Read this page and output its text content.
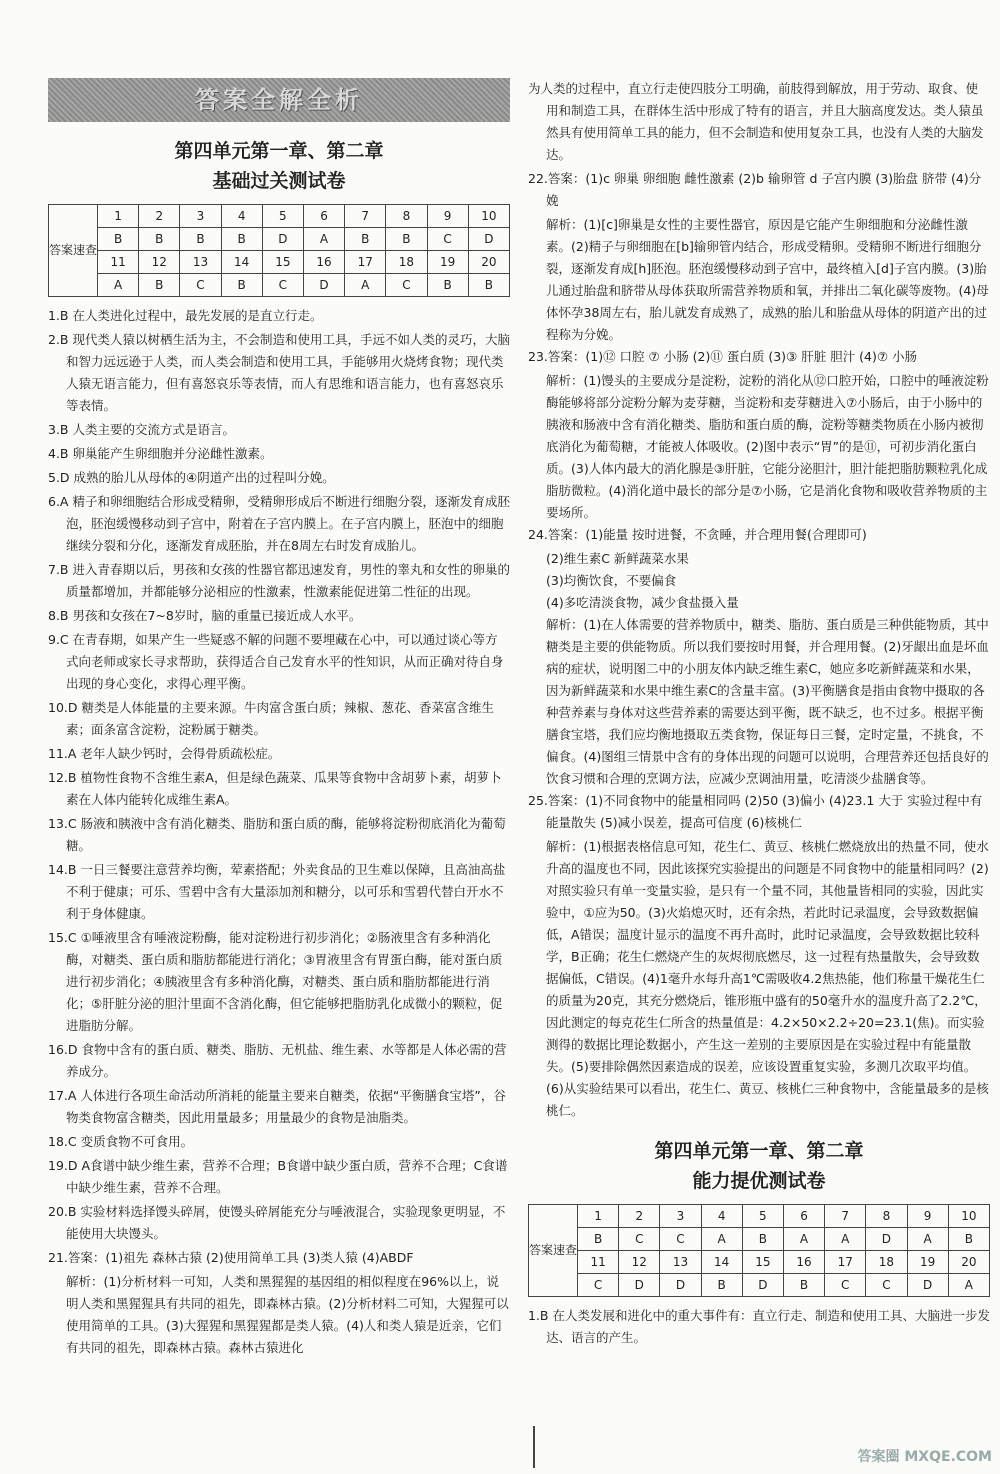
答案全解全析
第四单元第一章、第二章
基础过关测试卷
答案速查	1	2	3	4	5	6	7	8	9	10
	B	B	B	B	D	A	B	B	C	D
	11	12	13	14	15	16	17	18	19	20
	A	B	C	B	C	D	A	C	B	B
1.B 在人类进化过程中，最先发展的是直立行走。
2.B 现代类人猿以树栖生活为主，不会制造和使用工具，手远不如人类的灵巧，大脑和智力远远逊于人类，而人类会制造和使用工具，手能够用火烧烤食物；现代类人猿无语言能力，但有喜怒哀乐等表情，而人有思维和语言能力，也有喜怒哀乐等表情。
3.B 人类主要的交流方式是语言。
4.B 卵巢能产生卵细胞并分泌雌性激素。
5.D 成熟的胎儿从母体的④阴道产出的过程叫分娩。
6.A 精子和卵细胞结合形成受精卵，受精卵形成后不断进行细胞分裂，逐渐发育成胚泡，胚泡缓慢移动到子宫中，附着在子宫内膜上。在子宫内膜上，胚泡中的细胞继续分裂和分化，逐渐发育成胚胎，并在8周左右时发育成胎儿。
7.B 进入青春期以后，男孩和女孩的性器官都迅速发育，男性的睾丸和女性的卵巢的质量都增加，并都能够分泌相应的性激素，性激素能促进第二性征的出现。
8.B 男孩和女孩在7~8岁时，脑的重量已接近成人水平。
9.C 在青春期，如果产生一些疑惑不解的问题不要埋藏在心中，可以通过谈心等方式向老师或家长寻求帮助，获得适合自己发育水平的性知识，从而正确对待自身出现的身心变化，求得心理平衡。
10.D 糖类是人体能量的主要来源。牛肉富含蛋白质；辣椒、葱花、香菜富含维生素；面条富含淀粉，淀粉属于糖类。
11.A 老年人缺少钙时，会得骨质疏松症。
12.B 植物性食物不含维生素A，但是绿色蔬菜、瓜果等食物中含胡萝卜素，胡萝卜素在人体内能转化成维生素A。
13.C 肠液和胰液中含有消化糖类、脂肪和蛋白质的酶，能够将淀粉彻底消化为葡萄糖。
14.B 一日三餐要注意营养均衡，荤素搭配；外卖食品的卫生难以保障，且高油高盐不利于健康；可乐、雪碧中含有大量添加剂和糖分，以可乐和雪碧代替白开水不利于身体健康。
15.C ①唾液里含有唾液淀粉酶，能对淀粉进行初步消化；②肠液里含有多种消化酶，对糖类、蛋白质和脂肪都能进行消化；③胃液里含有胃蛋白酶，能对蛋白质进行初步消化；④胰液里含有多种消化酶，对糖类、蛋白质和脂肪都能进行消化；⑤肝脏分泌的胆汁里面不含消化酶，但它能够把脂肪乳化成微小的颗粒，促进脂肪分解。
16.D 食物中含有的蛋白质、糖类、脂肪、无机盐、维生素、水等都是人体必需的营养成分。
17.A 人体进行各项生命活动所消耗的能量主要来自糖类，依据“平衡膳食宝塔”，谷物类食物富含糖类，因此用量最多；用量最少的食物是油脂类。
18.C 变质食物不可食用。
19.D A食谱中缺少维生素，营养不合理；B食谱中缺少蛋白质，营养不合理；C食谱中缺少维生素，营养不合理。
20.B 实验材料选择馒头碎屑，使馒头碎屑能充分与唾液混合，实验现象更明显，不能使用大块馒头。
21.答案：(1)祖先 森林古猿 (2)使用简单工具 (3)类人猿 (4)ABDF
解析：(1)分析材料一可知，人类和黑猩猩的基因组的相似程度在96%以上，说明人类和黑猩猩具有共同的祖先，即森林古猿。(2)分析材料二可知，大猩猩可以使用简单的工具。(3)大猩猩和黑猩猩都是类人猿。(4)人和类人猿是近亲，它们有共同的祖先，即森林古猿。森林古猿进化
为人类的过程中，直立行走使四肢分工明确，前肢得到解放，用于劳动、取食、使用和制造工具，在群体生活中形成了特有的语言，并且大脑高度发达。类人猿虽然具有使用简单工具的能力，但不会制造和使用复杂工具，也没有人类的大脑发达。
22.答案：(1)c 卵巢 卵细胞 雌性激素 (2)b 输卵管 d 子宫内膜 (3)胎盘 脐带 (4)分娩
解析：(1)[c]卵巢是女性的主要性器官，原因是它能产生卵细胞和分泌雌性激素。(2)精子与卵细胞在[b]输卵管内结合，形成受精卵。受精卵不断进行细胞分裂，逐渐发育成[h]胚泡。胚泡缓慢移动到子宫中，最终植入[d]子宫内膜。(3)胎儿通过胎盘和脐带从母体获取所需营养物质和氧，并排出二氧化碳等废物。(4)母体怀孕38周左右，胎儿就发育成熟了，成熟的胎儿和胎盘从母体的阴道产出的过程称为分娩。
23.答案：(1)⑫ 口腔 ⑦ 小肠 (2)⑪ 蛋白质 (3)③ 肝脏 胆汁 (4)⑦ 小肠
解析：(1)馒头的主要成分是淀粉，淀粉的消化从⑫口腔开始，口腔中的唾液淀粉酶能够将部分淀粉分解为麦芽糖，当淀粉和麦芽糖进入⑦小肠后，由于小肠中的胰液和肠液中含有消化糖类、脂肪和蛋白质的酶，淀粉等糖类物质在小肠内被彻底消化为葡萄糖，才能被人体吸收。(2)图中表示“胃”的是⑪，可初步消化蛋白质。(3)人体内最大的消化腺是③肝脏，它能分泌胆汁，胆汁能把脂肪颗粒乳化成脂肪微粒。(4)消化道中最长的部分是⑦小肠，它是消化食物和吸收营养物质的主要场所。
24.答案：(1)能量 按时进餐，不贪睡，并合理用餐(合理即可)
(2)维生素C 新鲜蔬菜水果
(3)均衡饮食，不要偏食
(4)多吃清淡食物，减少食盐摄入量
解析：(1)在人体需要的营养物质中，糖类、脂肪、蛋白质是三种供能物质，其中糖类是主要的供能物质。所以我们要按时用餐，并合理用餐。(2)牙龈出血是坏血病的症状，说明图二中的小朋友体内缺乏维生素C，她应多吃新鲜蔬菜和水果，因为新鲜蔬菜和水果中维生素C的含量丰富。(3)平衡膳食是指由食物中摄取的各种营养素与身体对这些营养素的需要达到平衡，既不缺乏，也不过多。根据平衡膳食宝塔，我们应均衡地摄取五类食物，保证每日三餐，定时定量，不挑食，不偏食。(4)图组三情景中含有的身体出现的问题可以说明，合理营养还包括良好的饮食习惯和合理的烹调方法，应减少烹调油用量，吃清淡少盐膳食等。
25.答案：(1)不同食物中的能量相同吗 (2)50 (3)偏小 (4)23.1 大于 实验过程中有能量散失 (5)减小误差，提高可信度 (6)核桃仁
解析：(1)根据表格信息可知，花生仁、黄豆、核桃仁燃烧放出的热量不同，使水升高的温度也不同，因此该探究实验提出的问题是不同食物中的能量相同吗？(2)对照实验只有单一变量实验，是只有一个量不同，其他量皆相同的实验，因此实验中，①应为50。(3)火焰熄灭时，还有余热，若此时记录温度，会导致数据偏低，A错误；温度计显示的温度不再升高时，此时记录温度，会导致数据比较科学，B正确；花生仁燃烧产生的灰烬彻底燃尽，这一过程有热量散失，会导致数据偏低，C错误。(4)1毫升水每升高1℃需吸收4.2焦热能，他们称量干燥花生仁的质量为20克，其充分燃烧后，锥形瓶中盛有的50毫升水的温度升高了2.2℃，因此测定的每克花生仁所含的热量值是：4.2×50×2.2÷20=23.1(焦)。而实验测得的数据比理论数据小，产生这一差别的主要原因是在实验过程中有能量散失。(5)要排除偶然因素造成的误差，应该设置重复实验，多测几次取平均值。(6)从实验结果可以看出，花生仁、黄豆、核桃仁三种食物中，含能量最多的是核桃仁。
第四单元第一章、第二章
能力提优测试卷
答案速查	1	2	3	4	5	6	7	8	9	10
	B	C	C	A	B	A	A	D	A	B
	11	12	13	14	15	16	17	18	19	20
	C	D	D	B	D	B	C	C	D	A
1.B 在人类发展和进化中的重大事件有：直立行走、制造和使用工具、大脑进一步发达、语言的产生。
答案圈 MXQE.COM
